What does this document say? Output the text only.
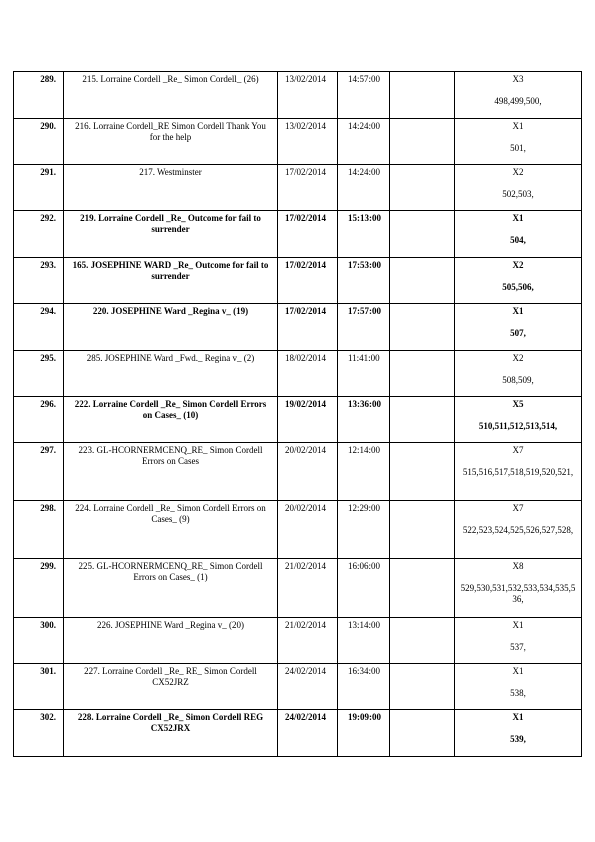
289.	215. Lorraine Cordell _Re_ Simon Cordell_ (26)	13/02/2014	14:57:00		X3
498,499,500,

290.	216. Lorraine Cordell_RE Simon Cordell Thank You for the help	13/02/2014	14:24:00		X1
501,

291.	217. Westminster	17/02/2014	14:24:00		X2
502,503,

292.	219. Lorraine Cordell _Re_ Outcome for fail to surrender	17/02/2014	15:13:00		X1
504,

293.	165. JOSEPHINE WARD _Re_ Outcome for fail to surrender	17/02/2014	17:53:00		X2
505,506,

294.	220. JOSEPHINE Ward _Regina v_ (19)	17/02/2014	17:57:00		X1
507,

295.	285. JOSEPHINE Ward _Fwd._ Regina v_ (2)	18/02/2014	11:41:00		X2
508,509,

296.	222. Lorraine Cordell _Re_ Simon Cordell Errors on Cases_ (10)	19/02/2014	13:36:00		X5
510,511,512,513,514,

297.	223. GL-HCORNERMCENQ_RE_ Simon Cordell Errors on Cases	20/02/2014	12:14:00		X7
515,516,517,518,519,520,521,

298.	224. Lorraine Cordell _Re_ Simon Cordell Errors on Cases_ (9)	20/02/2014	12:29:00		X7
522,523,524,525,526,527,528,

299.	225. GL-HCORNERMCENQ_RE_ Simon Cordell Errors on Cases_ (1)	21/02/2014	16:06:00		X8
529,530,531,532,533,534,535,536,

300.	226. JOSEPHINE Ward _Regina v_ (20)	21/02/2014	13:14:00		X1
537,

301.	227. Lorraine Cordell _Re_ RE_ Simon Cordell CX52JRZ	24/02/2014	16:34:00		X1
538,

302.	228. Lorraine Cordell _Re_ Simon Cordell REG CX52JRX	24/02/2014	19:09:00		X1
539,
